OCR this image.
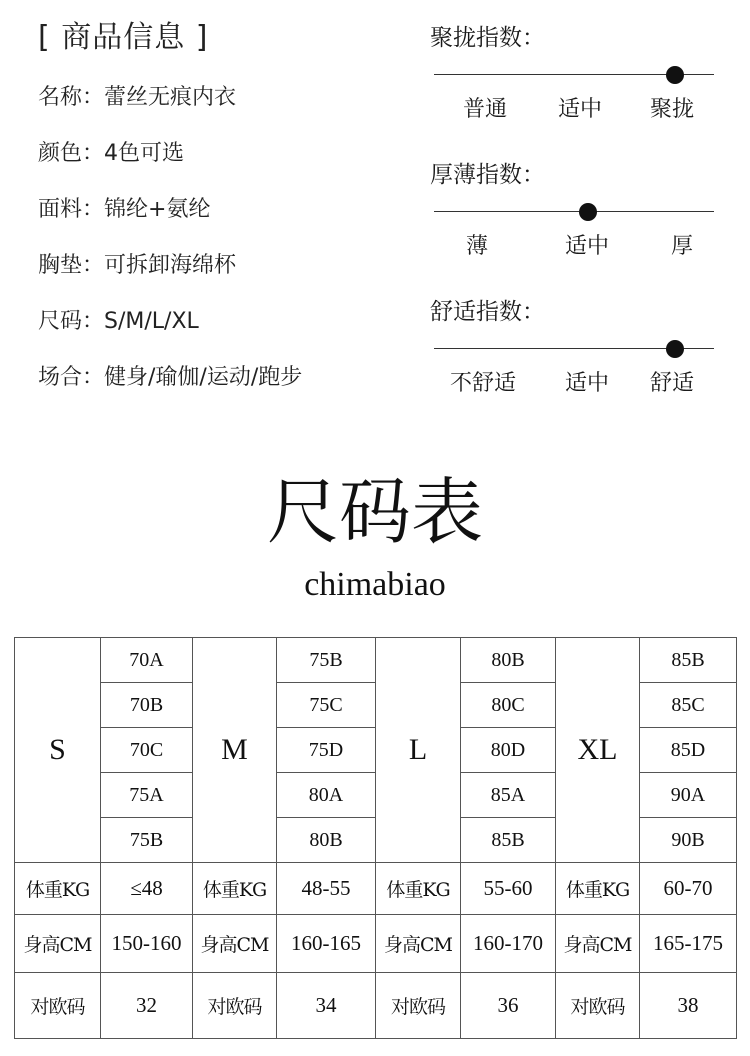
[ 商品信息 ]
名称：蕾丝无痕内衣
颜色：4色可选
面料：锦纶+氨纶
胸垫：可拆卸海绵杯
尺码：S/M/L/XL
场合：健身/瑜伽/运动/跑步
聚拢指数：
普通 适中 聚拢
厚薄指数：
薄	适中	厚
舒适指数：
不舒适 适中 舒适
尺码表
chimabiao
S	70A	M	75B	L	80B	XL	85B
	70B		75C		80C		85C
	70C		75D		80D		85D
	75A		80A		85A		90A
	75B		80B		85B		90B
体重KG	≤48	体重KG	48-55	体重KG	55-60	体重KG	60-70
身高CM	150-160	身高CM	160-165	身高CM	160-170	身高CM	165-175
对欧码	32	对欧码	34	对欧码	36	对欧码	38
